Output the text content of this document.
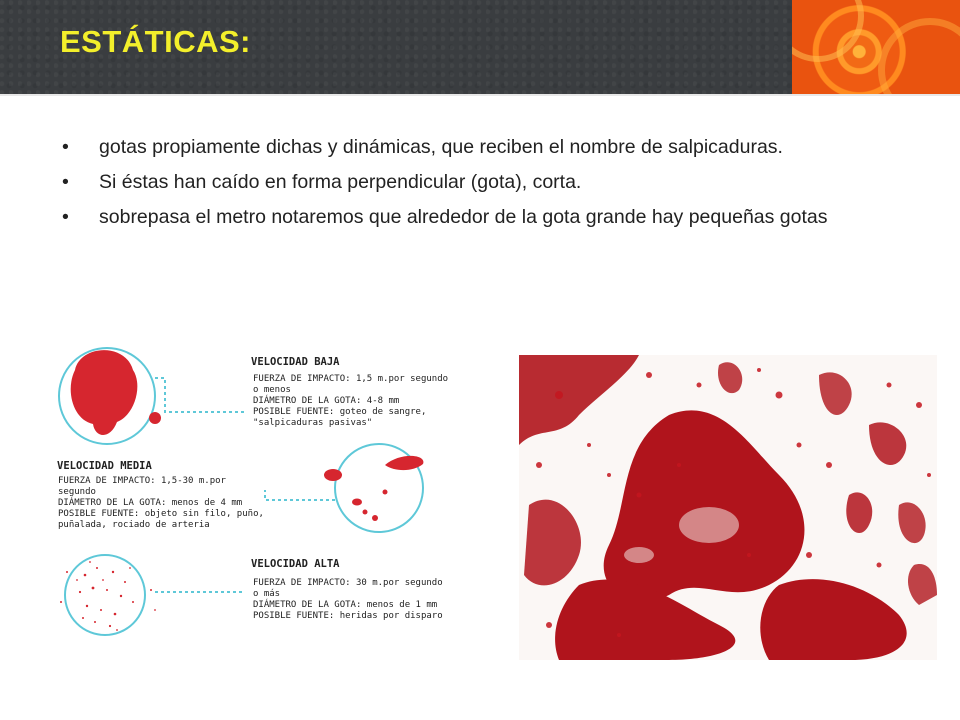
ESTÁTICAS:
• gotas propiamente dichas y dinámicas, que reciben el nombre de salpicaduras.
• Si éstas han caído en forma perpendicular (gota), corta.
• sobrepasa el metro notaremos que alrededor de la gota grande hay pequeñas gotas
VELOCIDAD BAJA
FUERZA DE IMPACTO: 1,5 m.por segundo
o menos
DIÁMETRO DE LA GOTA: 4-8 mm
POSIBLE FUENTE: goteo de sangre,
"salpicaduras pasivas"
VELOCIDAD MEDIA
FUERZA DE IMPACTO: 1,5-30 m.por
segundo
DIÁMETRO DE LA GOTA: menos de 4 mm
POSIBLE FUENTE: objeto sin filo, puño,
puñalada, rociado de arteria
VELOCIDAD ALTA
FUERZA DE IMPACTO: 30 m.por segundo
o más
DIÁMETRO DE LA GOTA: menos de 1 mm
POSIBLE FUENTE: heridas por disparo
